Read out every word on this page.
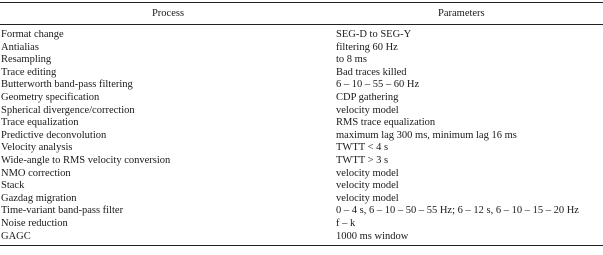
Process	Parameters
Format change	SEG-D to SEG-Y
Antialias	filtering 60 Hz
Resampling	to 8 ms
Trace editing	Bad traces killed
Butterworth band-pass filtering	6 – 10 – 55 – 60 Hz
Geometry specification	CDP gathering
Spherical divergence/correction	velocity model
Trace equalization	RMS trace equalization
Predictive deconvolution	maximum lag 300 ms, minimum lag 16 ms
Velocity analysis	TWTT < 4 s
Wide-angle to RMS velocity conversion	TWTT > 3 s
NMO correction	velocity model
Stack	velocity model
Gazdag migration	velocity model
Time-variant band-pass filter	0 – 4 s, 6 – 10 – 50 – 55 Hz; 6 – 12 s, 6 – 10 – 15 – 20 Hz
Noise reduction	f – k
GAGC	1000 ms window
